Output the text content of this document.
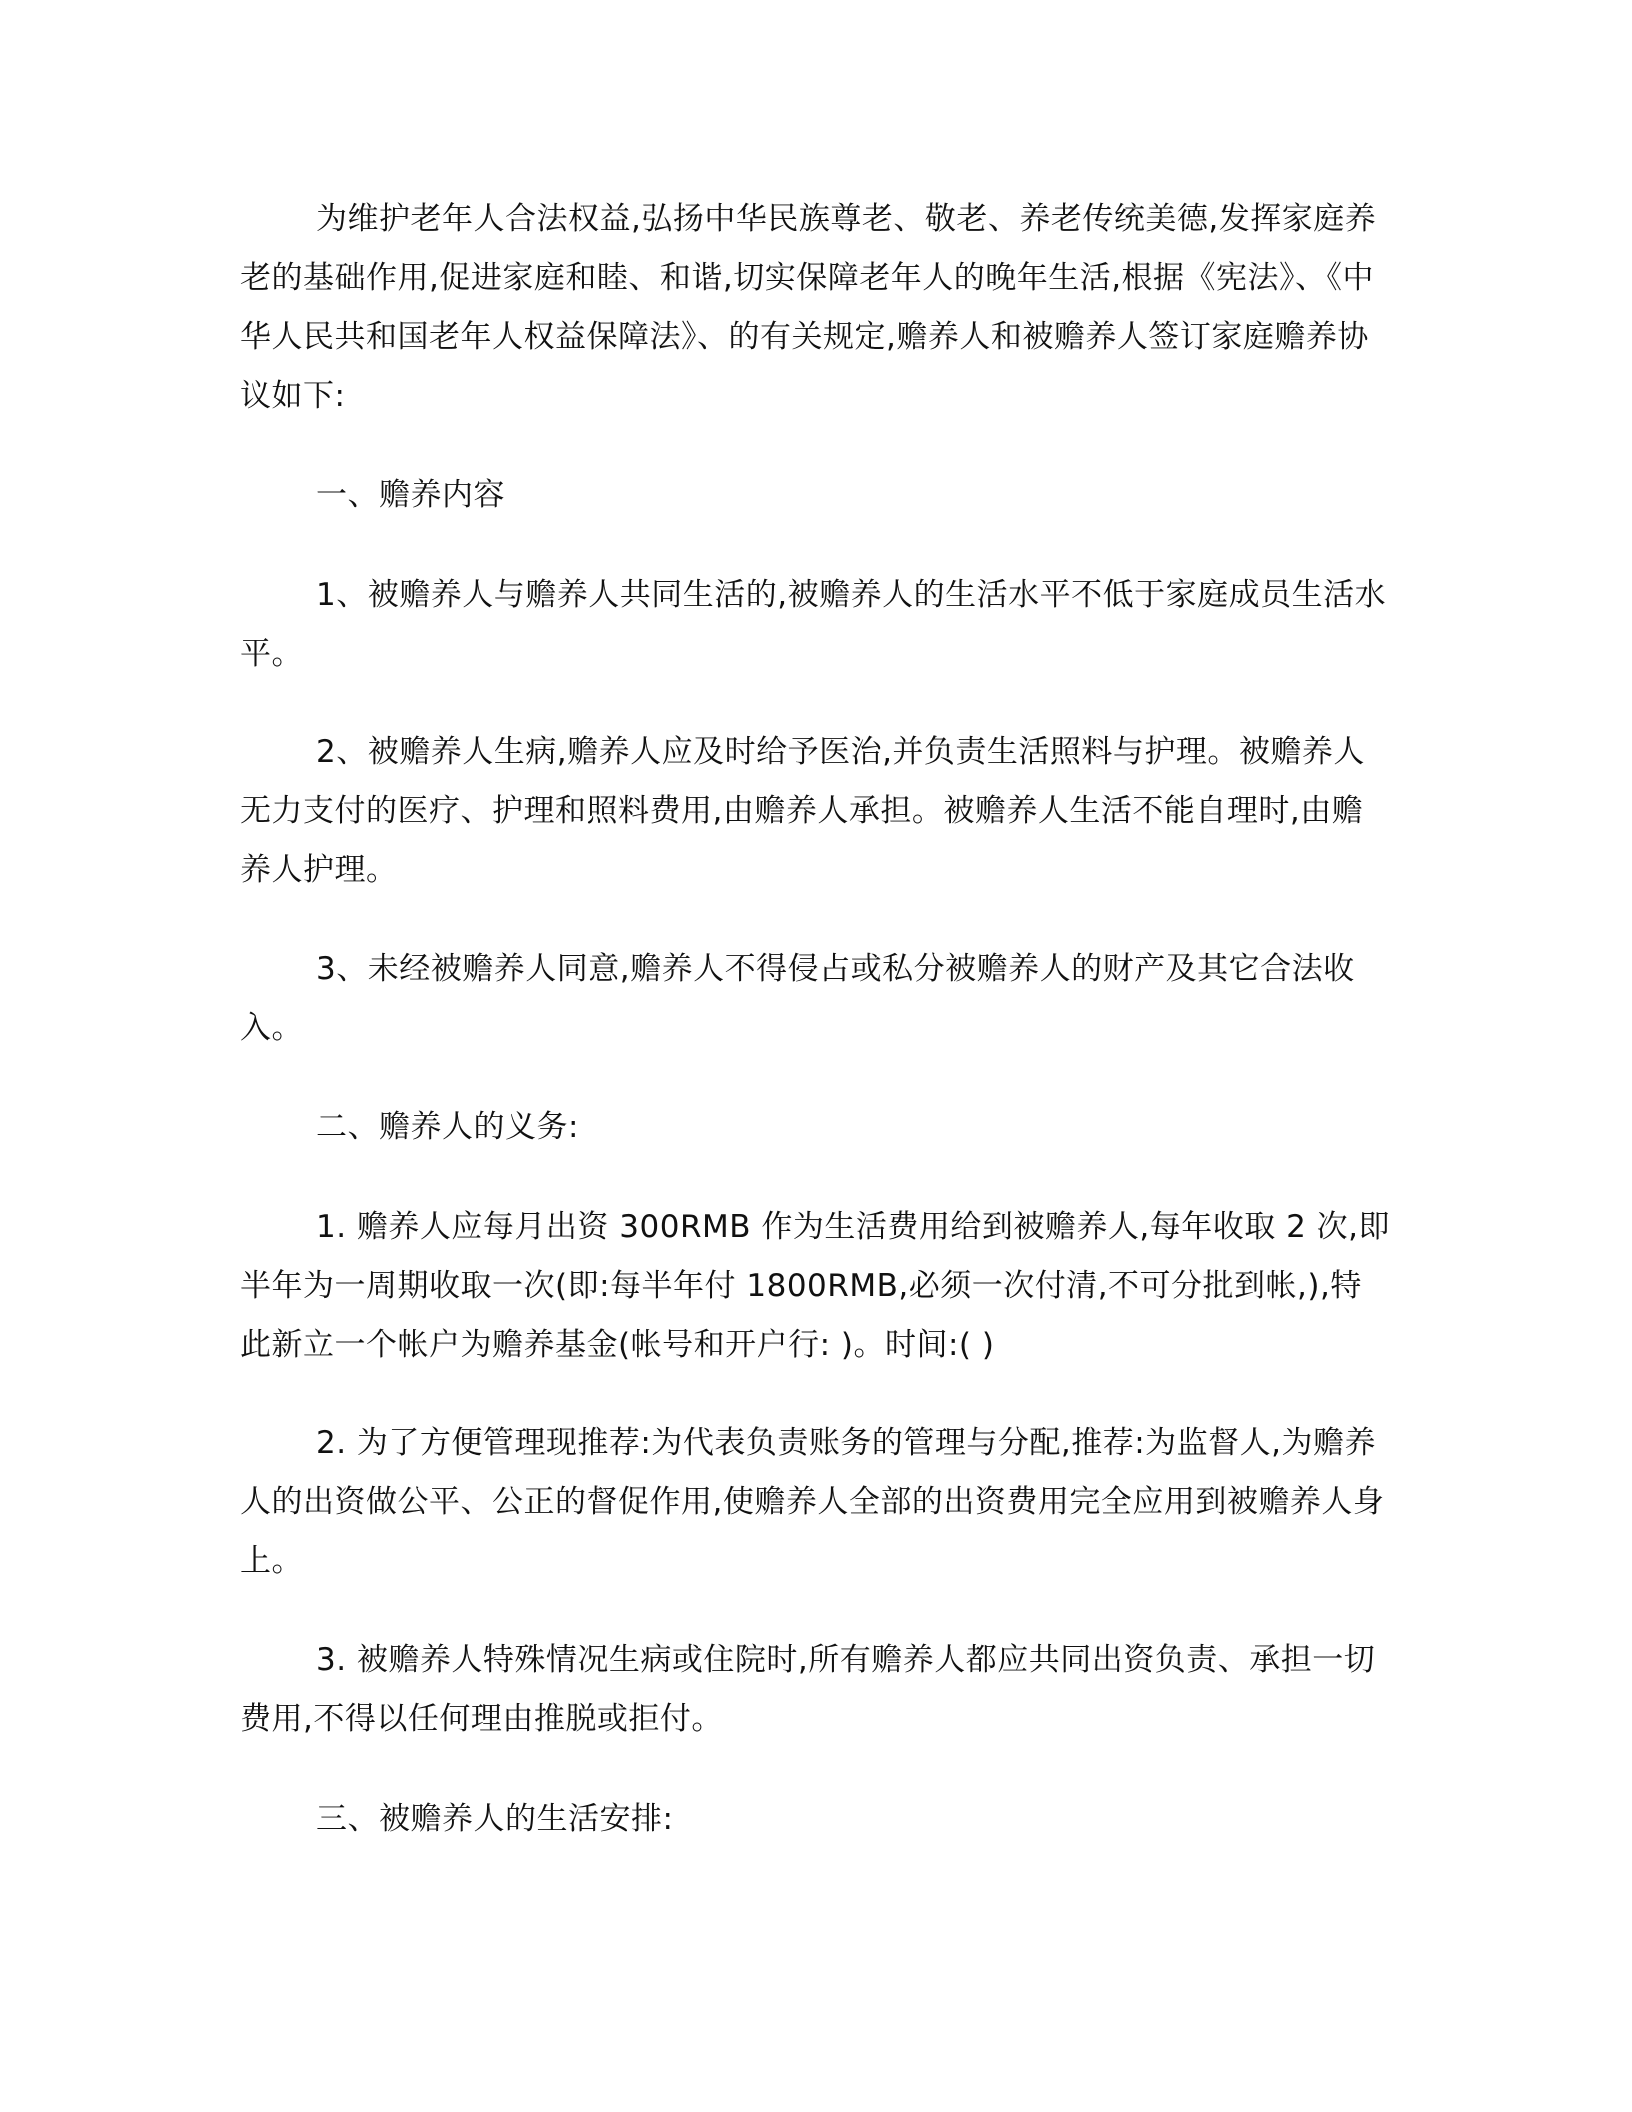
为维护老年人合法权益,弘扬中华民族尊老、敬老、养老传统美德,发挥家庭养老的基础作用,促进家庭和睦、和谐,切实保障老年人的晚年生活,根据《宪法》、《中华人民共和国老年人权益保障法》、的有关规定,赡养人和被赡养人签订家庭赡养协议如下:

一、赡养内容

1、被赡养人与赡养人共同生活的,被赡养人的生活水平不低于家庭成员生活水平。

2、被赡养人生病,赡养人应及时给予医治,并负责生活照料与护理。被赡养人无力支付的医疗、护理和照料费用,由赡养人承担。被赡养人生活不能自理时,由赡养人护理。

3、未经被赡养人同意,赡养人不得侵占或私分被赡养人的财产及其它合法收入。

二、赡养人的义务:

1. 赡养人应每月出资 300RMB 作为生活费用给到被赡养人,每年收取 2 次,即半年为一周期收取一次(即:每半年付 1800RMB,必须一次付清,不可分批到帐,),特此新立一个帐户为赡养基金(帐号和开户行: )。时间:( )

2. 为了方便管理现推荐:为代表负责账务的管理与分配,推荐:为监督人,为赡养人的出资做公平、公正的督促作用,使赡养人全部的出资费用完全应用到被赡养人身上。

3. 被赡养人特殊情况生病或住院时,所有赡养人都应共同出资负责、承担一切费用,不得以任何理由推脱或拒付。

三、被赡养人的生活安排:
